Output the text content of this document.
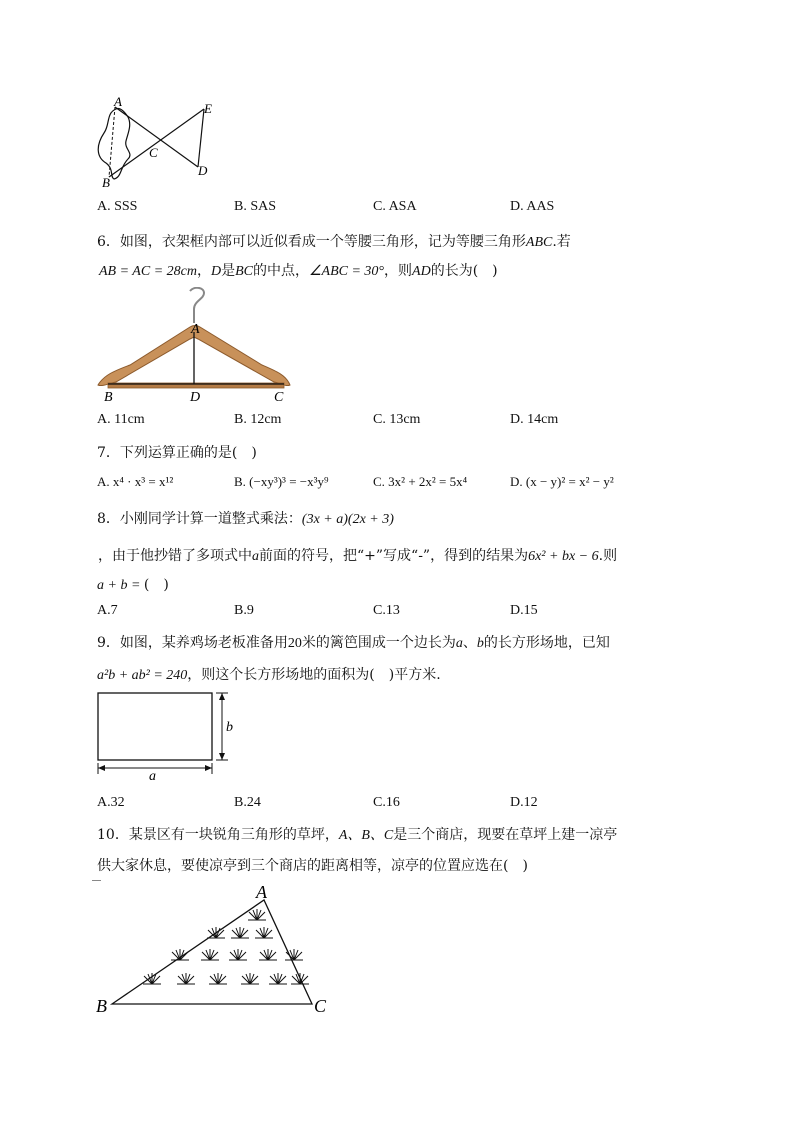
A
B
C
D
E
A. SSS	B. SAS	C. ASA	D. AAS
6．如图，衣架框内部可以近似看成一个等腰三角形，记为等腰三角形ABC.若
AB = AC = 28cm，D是BC的中点，∠ABC = 30°，则AD的长为(　)
A
B	D	C
A. 11cm	B. 12cm	C. 13cm	D. 14cm
7．下列运算正确的是(　)
A. x⁴ · x³ = x¹²	B. (−xy³)³ = −x³y⁹	C. 3x² + 2x² = 5x⁴	D. (x − y)² = x² − y²
8．小刚同学计算一道整式乘法：(3x + a)(2x + 3)
，由于他抄错了多项式中a前面的符号，把“+”写成“-”，得到的结果为6x² + bx − 6.则
a + b = (　)
A.7	B.9	C.13	D.15
9．如图，某养鸡场老板准备用20米的篱笆围成一个边长为a、b的长方形场地，已知
a²b + ab² = 240，则这个长方形场地的面积为(　)平方米.
b
a
A.32	B.24	C.16	D.12
10．某景区有一块锐角三角形的草坪，A、B、C是三个商店，现要在草坪上建一凉亭
供大家休息，要使凉亭到三个商店的距离相等，凉亭的位置应选在(　)
A
B	C
